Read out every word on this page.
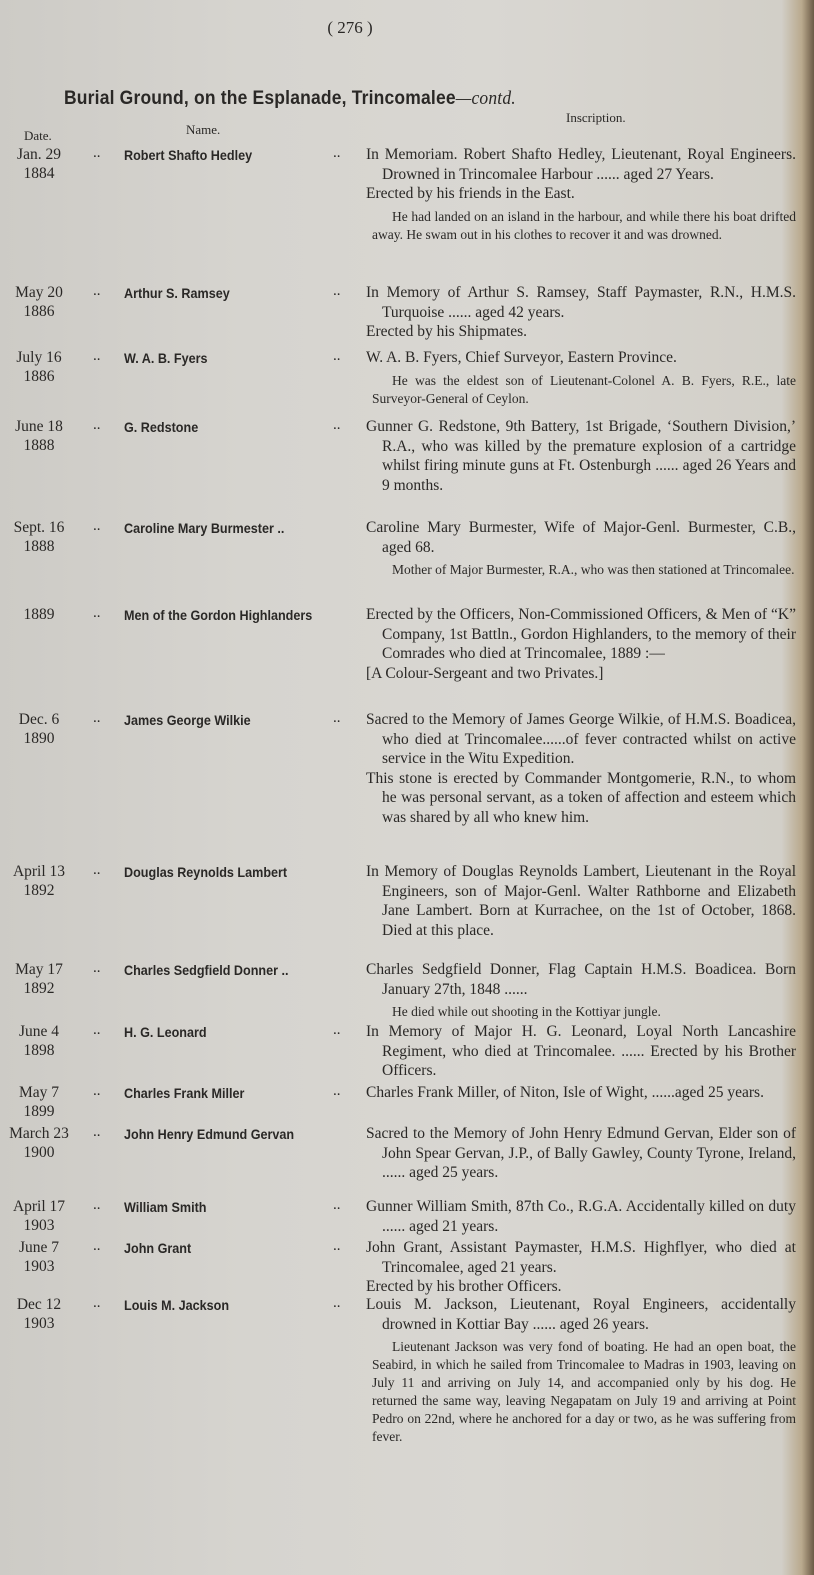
( 276 )
Burial Ground, on the Esplanade, Trincomalee—contd.
Date.	Name.
Inscription.
Jan. 29
1884
.. Robert Shafto Hedley	.. In Memoriam. Robert Shafto Hedley, Lieutenant, Royal Engineers. Drowned in Trincomalee Harbour ...... aged 27 Years.

Erected by his friends in the East.

He had landed on an island in the harbour, and while there his boat drifted away. He swam out in his clothes to recover it and was drowned.

May 20
1886
.. Arthur S. Ramsey	.. In Memory of Arthur S. Ramsey, Staff Paymaster, R.N., H.M.S. Turquoise ...... aged 42 years.

Erected by his Shipmates.

July 16
1886
.. W. A. B. Fyers	.. W. A. B. Fyers, Chief Surveyor, Eastern Province.

He was the eldest son of Lieutenant-Colonel A. B. Fyers, R.E., late Surveyor-General of Ceylon.

June 18
1888
.. G. Redstone	.. Gunner G. Redstone, 9th Battery, 1st Brigade, ‘Southern Division,’ R.A., who was killed by the premature explosion of a cartridge whilst firing minute guns at Ft. Ostenburgh ...... aged 26 Years and 9 months.

Sept. 16
1888
.. Caroline Mary Burmester ..	Caroline Mary Burmester, Wife of Major-Genl. Burmester, C.B., aged 68.

Mother of Major Burmester, R.A., who was then stationed at Trincomalee.

1889	.. Men of the Gordon Highlanders	Erected by the Officers, Non-Commissioned Officers, & Men of “K” Company, 1st Battln., Gordon Highlanders, to the memory of their Comrades who died at Trincomalee, 1889 :—

[A Colour-Sergeant and two Privates.]

Dec. 6
1890
.. James George Wilkie	.. Sacred to the Memory of James George Wilkie, of H.M.S. Boadicea, who died at Trincomalee......of fever contracted whilst on active service in the Witu Expedition.

This stone is erected by Commander Montgomerie, R.N., to whom he was personal servant, as a token of affection and esteem which was shared by all who knew him.

April 13
1892
.. Douglas Reynolds Lambert	In Memory of Douglas Reynolds Lambert, Lieutenant in the Royal Engineers, son of Major-Genl. Walter Rathborne and Elizabeth Jane Lambert. Born at Kurrachee, on the 1st of October, 1868. Died at this place.

May 17
1892
.. Charles Sedgfield Donner ..	Charles Sedgfield Donner, Flag Captain H.M.S. Boadicea. Born January 27th, 1848 ......

He died while out shooting in the Kottiyar jungle.

June 4
1898
.. H. G. Leonard	.. In Memory of Major H. G. Leonard, Loyal North Lancashire Regiment, who died at Trincomalee. ...... Erected by his Brother Officers.

May 7
1899
.. Charles Frank Miller	.. Charles Frank Miller, of Niton, Isle of Wight, ......aged 25 years.

March 23
1900
.. John Henry Edmund Gervan	Sacred to the Memory of John Henry Edmund Gervan, Elder son of John Spear Gervan, J.P., of Bally Gawley, County Tyrone, Ireland, ...... aged 25 years.

April 17
1903
.. William Smith	.. Gunner William Smith, 87th Co., R.G.A. Accidentally killed on duty ...... aged 21 years.

June 7
1903
.. John Grant	.. John Grant, Assistant Paymaster, H.M.S. Highflyer, who died at Trincomalee, aged 21 years.

Erected by his brother Officers.

Dec 12
1903
.. Louis M. Jackson	.. Louis M. Jackson, Lieutenant, Royal Engineers, accidentally drowned in Kottiar Bay ...... aged 26 years.

Lieutenant Jackson was very fond of boating. He had an open boat, the Seabird, in which he sailed from Trincomalee to Madras in 1903, leaving on July 11 and arriving on July 14, and accompanied only by his dog. He returned the same way, leaving Negapatam on July 19 and arriving at Point Pedro on 22nd, where he anchored for a day or two, as he was suffering from fever.
